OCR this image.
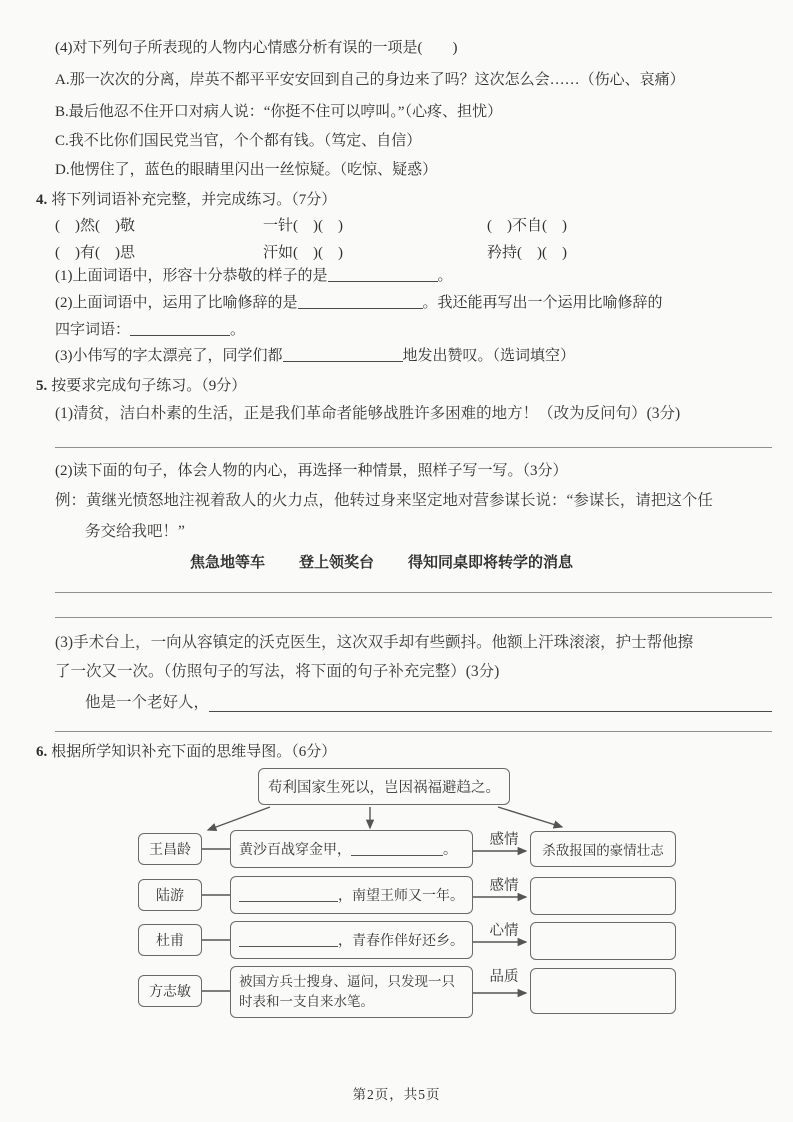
(4)对下列句子所表现的人物内心情感分析有误的一项是(　　)
A.那一次次的分离，岸英不都平平安安回到自己的身边来了吗？这次怎么会……（伤心、哀痛）
B.最后他忍不住开口对病人说：“你挺不住可以哼叫。”（心疼、担忧）
C.我不比你们国民党当官，个个都有钱。（笃定、自信）
D.他愣住了，蓝色的眼睛里闪出一丝惊疑。（吃惊、疑惑）
4. 将下列词语补充完整，并完成练习。（7分）
(　)然(　)敬	一针(　)(　)	(　)不自(　)
(　)有(　)思	汗如(　)(　)	矜持(　)(　)
(1)上面词语中，形容十分恭敬的样子的是	。
(2)上面词语中，运用了比喻修辞的是	。我还能再写出一个运用比喻修辞的
四字词语：	。
(3)小伟写的字太漂亮了，同学们都	地发出赞叹。（选词填空）
5. 按要求完成句子练习。（9分）
(1)清贫，洁白朴素的生活，正是我们革命者能够战胜许多困难的地方！（改为反问句）(3分)
(2)读下面的句子，体会人物的内心，再选择一种情景，照样子写一写。（3分）
例：黄继光愤怒地注视着敌人的火力点，他转过身来坚定地对营参谋长说：“参谋长，请把这个任
务交给我吧！”
焦急地等车 登上领奖台 得知同桌即将转学的消息
(3)手术台上，一向从容镇定的沃克医生，这次双手却有些颤抖。他额上汗珠滚滚，护士帮他擦
了一次又一次。（仿照句子的写法，将下面的句子补充完整）(3分)
他是一个老好人，
6. 根据所学知识补充下面的思维导图。（6分）
苟利国家生死以，岂因祸福避趋之。
王昌龄
陆游
杜甫
方志敏
黄沙百战穿金甲，	。
，南望王师又一年。
，青春作伴好还乡。
被国方兵士搜身、逼问，只发现一只时表和一支自来水笔。
感情
感情
心情
品质
杀敌报国的豪情壮志
第2页，共5页
